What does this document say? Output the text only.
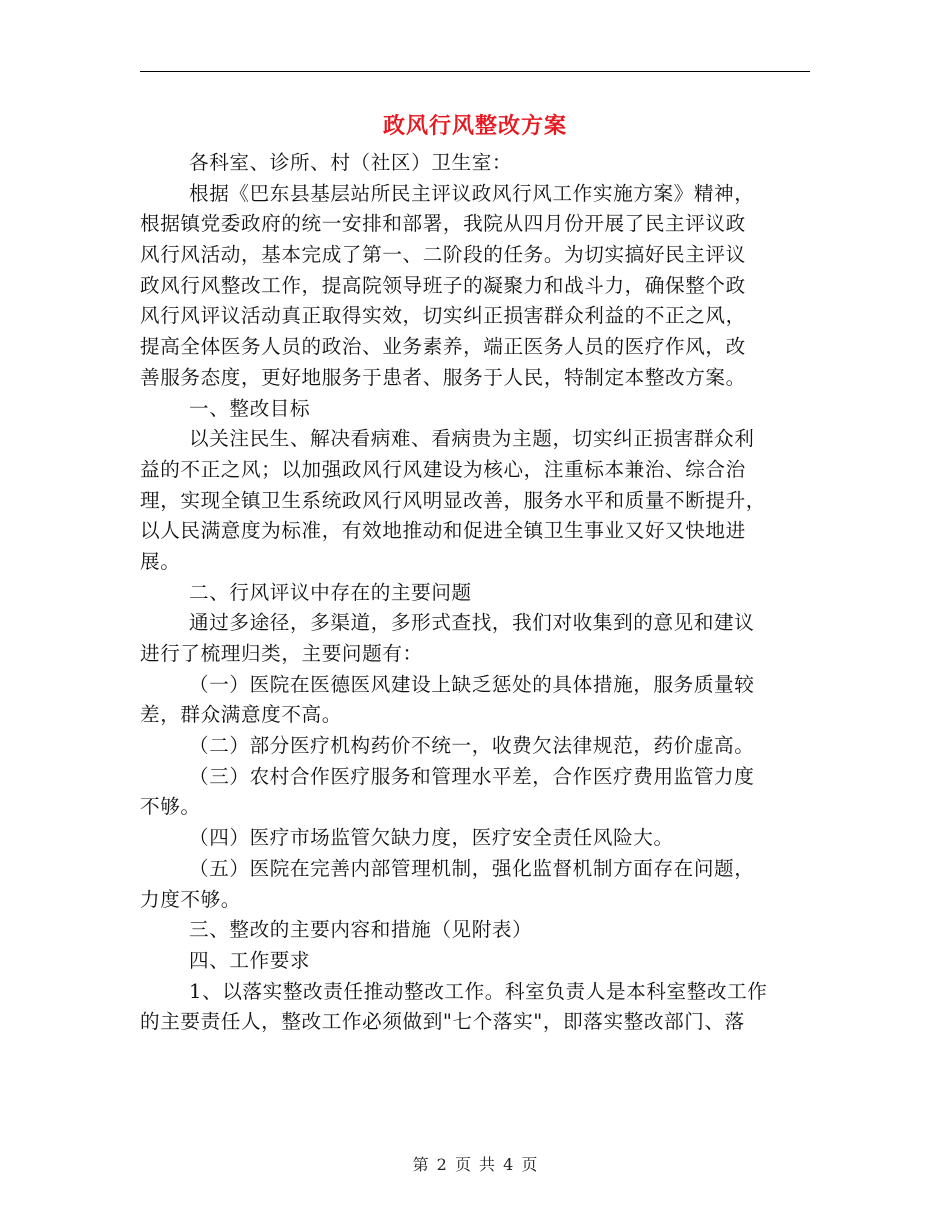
政风行风整改方案
各科室、诊所、村（社区）卫生室：
根据《巴东县基层站所民主评议政风行风工作实施方案》精神，
根据镇党委政府的统一安排和部署，我院从四月份开展了民主评议政
风行风活动，基本完成了第一、二阶段的任务。为切实搞好民主评议
政风行风整改工作，提高院领导班子的凝聚力和战斗力，确保整个政
风行风评议活动真正取得实效，切实纠正损害群众利益的不正之风，
提高全体医务人员的政治、业务素养，端正医务人员的医疗作风，改
善服务态度，更好地服务于患者、服务于人民，特制定本整改方案。
一、整改目标
以关注民生、解决看病难、看病贵为主题，切实纠正损害群众利
益的不正之风；以加强政风行风建设为核心，注重标本兼治、综合治
理，实现全镇卫生系统政风行风明显改善，服务水平和质量不断提升，
以人民满意度为标准，有效地推动和促进全镇卫生事业又好又快地进
展。
二、行风评议中存在的主要问题
通过多途径，多渠道，多形式查找，我们对收集到的意见和建议
进行了梳理归类，主要问题有：
（一）医院在医德医风建设上缺乏惩处的具体措施，服务质量较
差，群众满意度不高。
（二）部分医疗机构药价不统一，收费欠法律规范，药价虚高。
（三）农村合作医疗服务和管理水平差，合作医疗费用监管力度
不够。
（四）医疗市场监管欠缺力度，医疗安全责任风险大。
（五）医院在完善内部管理机制，强化监督机制方面存在问题，
力度不够。
三、整改的主要内容和措施（见附表）
四、工作要求
1、以落实整改责任推动整改工作。科室负责人是本科室整改工作
的主要责任人，整改工作必须做到"七个落实"，即落实整改部门、落
第 2 页 共 4 页
